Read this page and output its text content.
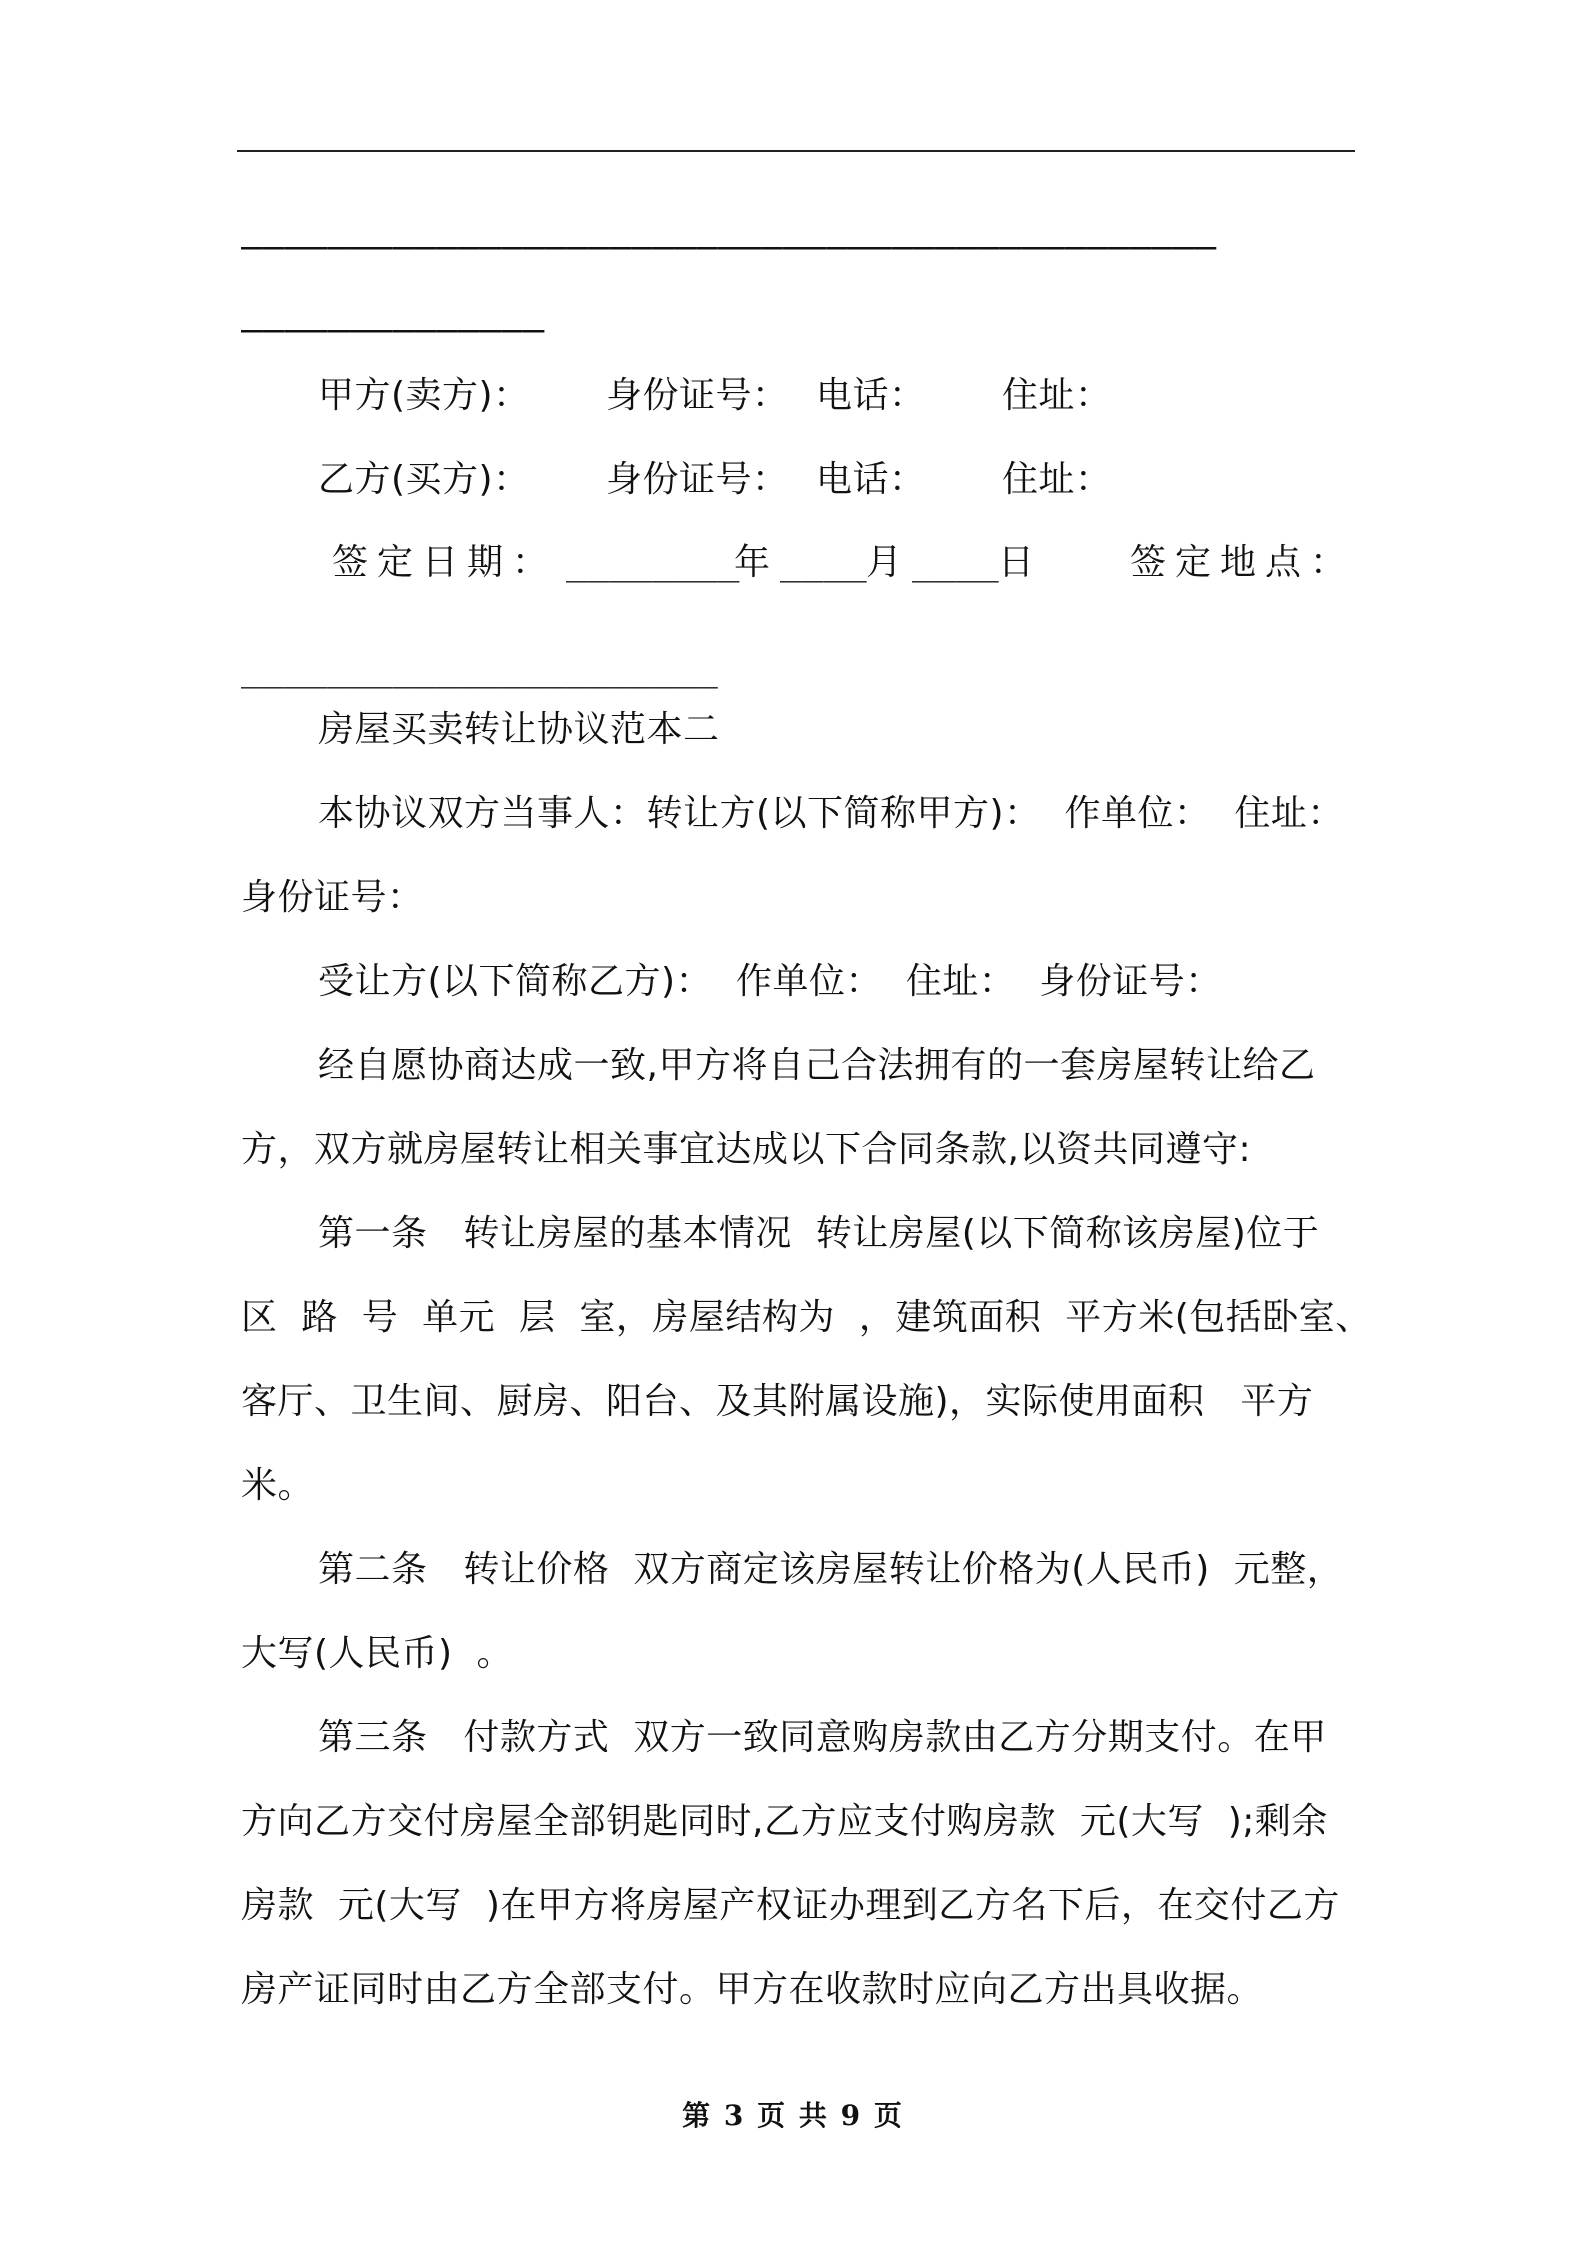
—————————————————————————————————————————————
——————————————
甲方(卖方)： 身份证号： 电话： 住址：
乙方(买方)： 身份证号： 电话： 住址：
签定日期： ________
年 ____ 月 ____ 日	签定地点：
______________________
房屋买卖转让协议范本二
本协议双方当事人：转让方(以下简称甲方)：  作单位：  住址：
身份证号：
受让方(以下简称乙方)：  作单位：  住址：  身份证号：
经自愿协商达成一致,甲方将自己合法拥有的一套房屋转让给乙
方，双方就房屋转让相关事宜达成以下合同条款,以资共同遵守:
第一条   转让房屋的基本情况  转让房屋(以下简称该房屋)位于
区  路  号  单元  层  室，房屋结构为  ，建筑面积  平方米(包括卧室、
客厅、卫生间、厨房、阳台、及其附属设施)，实际使用面积   平方
米。
第二条   转让价格  双方商定该房屋转让价格为(人民币)  元整，
大写(人民币)  。
第三条   付款方式  双方一致同意购房款由乙方分期支付。在甲
方向乙方交付房屋全部钥匙同时,乙方应支付购房款  元(大写  );剩余
房款  元(大写  )在甲方将房屋产权证办理到乙方名下后，在交付乙方
房产证同时由乙方全部支付。甲方在收款时应向乙方出具收据。
第 3 页 共 9 页
